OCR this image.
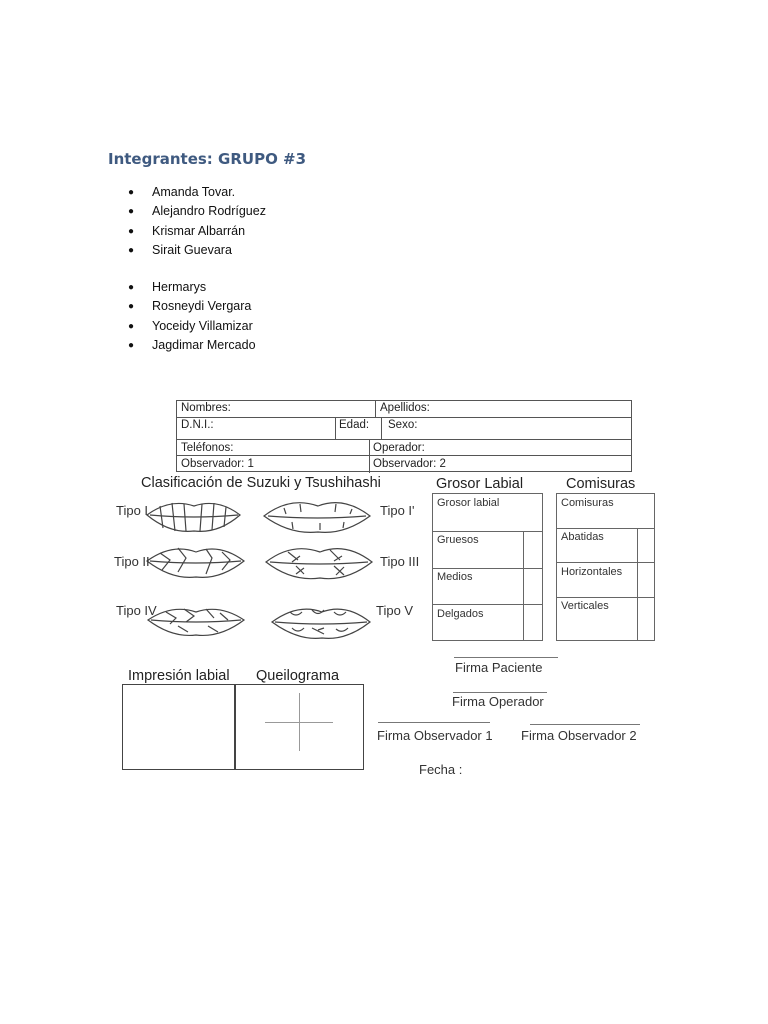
Integrantes: GRUPO #3
● Amanda Tovar.
● Alejandro Rodríguez
● Krismar Albarrán
● Sirait Guevara
● Hermarys
● Rosneydi Vergara
● Yoceidy Villamizar
● Jagdimar Mercado
Nombres:	Apellidos:
D.N.I.:	Edad: Sexo:
Teléfonos:	Operador:
Observador: 1	Observador: 2
Clasificación de Suzuki y Tsushihashi
Tipo I	Tipo I'
Tipo II	Tipo III
Tipo IV	Tipo V
Grosor Labial
Grosor labial
Gruesos
Medios
Delgados
Comisuras
Comisuras
Abatidas
Horizontales
Verticales
Impresión labial Queilograma
Firma Paciente
Firma Operador
Firma Observador 1 Firma Observador 2
Fecha :
